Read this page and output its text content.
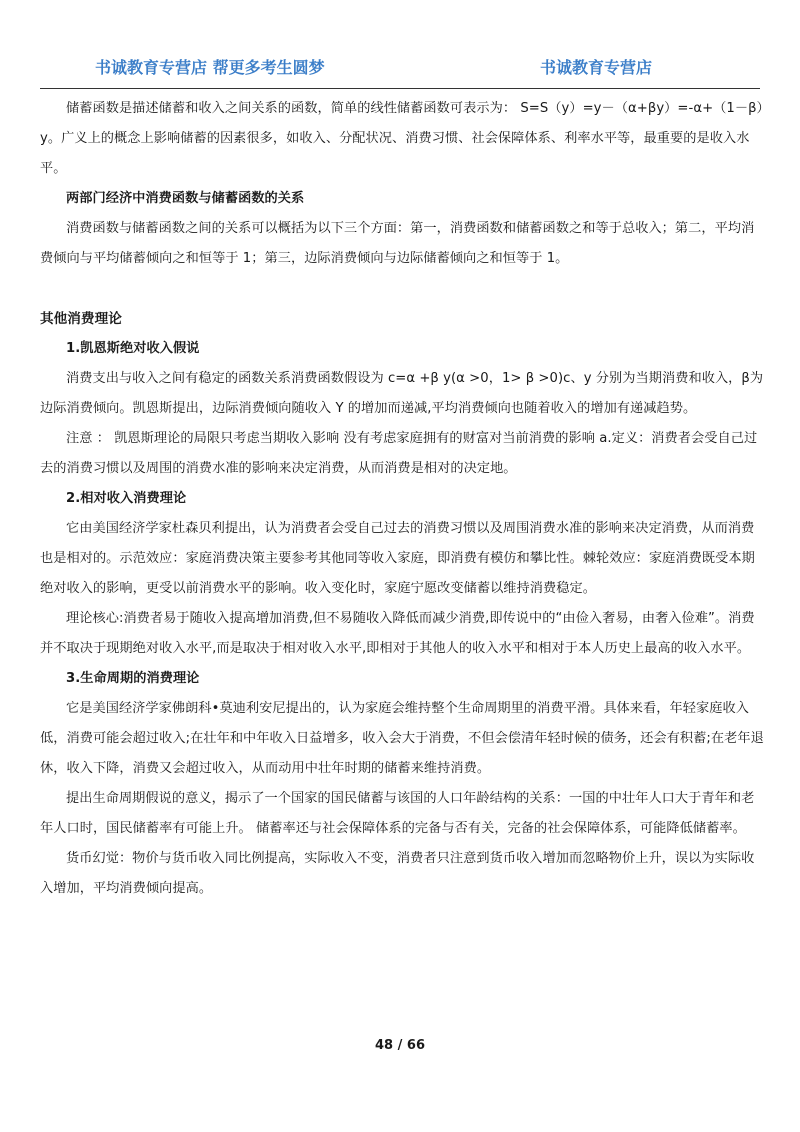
书诚教育专营店 帮更多考生圆梦	书诚教育专营店

储蓄函数是描述储蓄和收入之间关系的函数，简单的线性储蓄函数可表示为： S=S（y）=y－（α+βy）=-α+（1－β）y。广义上的概念上影响储蓄的因素很多，如收入、分配状况、消费习惯、社会保障体系、利率水平等，最重要的是收入水平。

两部门经济中消费函数与储蓄函数的关系

消费函数与储蓄函数之间的关系可以概括为以下三个方面：第一，消费函数和储蓄函数之和等于总收入；第二，平均消费倾向与平均储蓄倾向之和恒等于 1；第三，边际消费倾向与边际储蓄倾向之和恒等于 1。

其他消费理论

1.凯恩斯绝对收入假说

消费支出与收入之间有稳定的函数关系消费函数假设为 c=α +β y(α >0，1> β >0)c、y 分别为当期消费和收入，β为边际消费倾向。凯恩斯提出，边际消费倾向随收入 Y 的增加而递减,平均消费倾向也随着收入的增加有递减趋势。

注意 ： 凯恩斯理论的局限只考虑当期收入影响 没有考虑家庭拥有的财富对当前消费的影响 a.定义：消费者会受自己过去的消费习惯以及周围的消费水准的影响来决定消费，从而消费是相对的决定地。

2.相对收入消费理论

它由美国经济学家杜森贝利提出，认为消费者会受自己过去的消费习惯以及周围消费水准的影响来决定消费，从而消费也是相对的。示范效应：家庭消费决策主要参考其他同等收入家庭，即消费有模仿和攀比性。棘轮效应：家庭消费既受本期绝对收入的影响，更受以前消费水平的影响。收入变化时，家庭宁愿改变储蓄以维持消费稳定。

理论核心:消费者易于随收入提高增加消费,但不易随收入降低而减少消费,即传说中的“由俭入奢易，由奢入俭难”。消费并不取决于现期绝对收入水平,而是取决于相对收入水平,即相对于其他人的收入水平和相对于本人历史上最高的收入水平。

3.生命周期的消费理论

它是美国经济学家佛朗科•莫迪利安尼提出的，认为家庭会维持整个生命周期里的消费平滑。具体来看，年轻家庭收入低，消费可能会超过收入;在壮年和中年收入日益增多，收入会大于消费，不但会偿清年轻时候的债务，还会有积蓄;在老年退休，收入下降，消费又会超过收入，从而动用中壮年时期的储蓄来维持消费。

提出生命周期假说的意义，揭示了一个国家的国民储蓄与该国的人口年龄结构的关系：一国的中壮年人口大于青年和老年人口时，国民储蓄率有可能上升。 储蓄率还与社会保障体系的完备与否有关，完备的社会保障体系，可能降低储蓄率。

货币幻觉：物价与货币收入同比例提高，实际收入不变，消费者只注意到货币收入增加而忽略物价上升，误以为实际收入增加，平均消费倾向提高。

48 / 66
